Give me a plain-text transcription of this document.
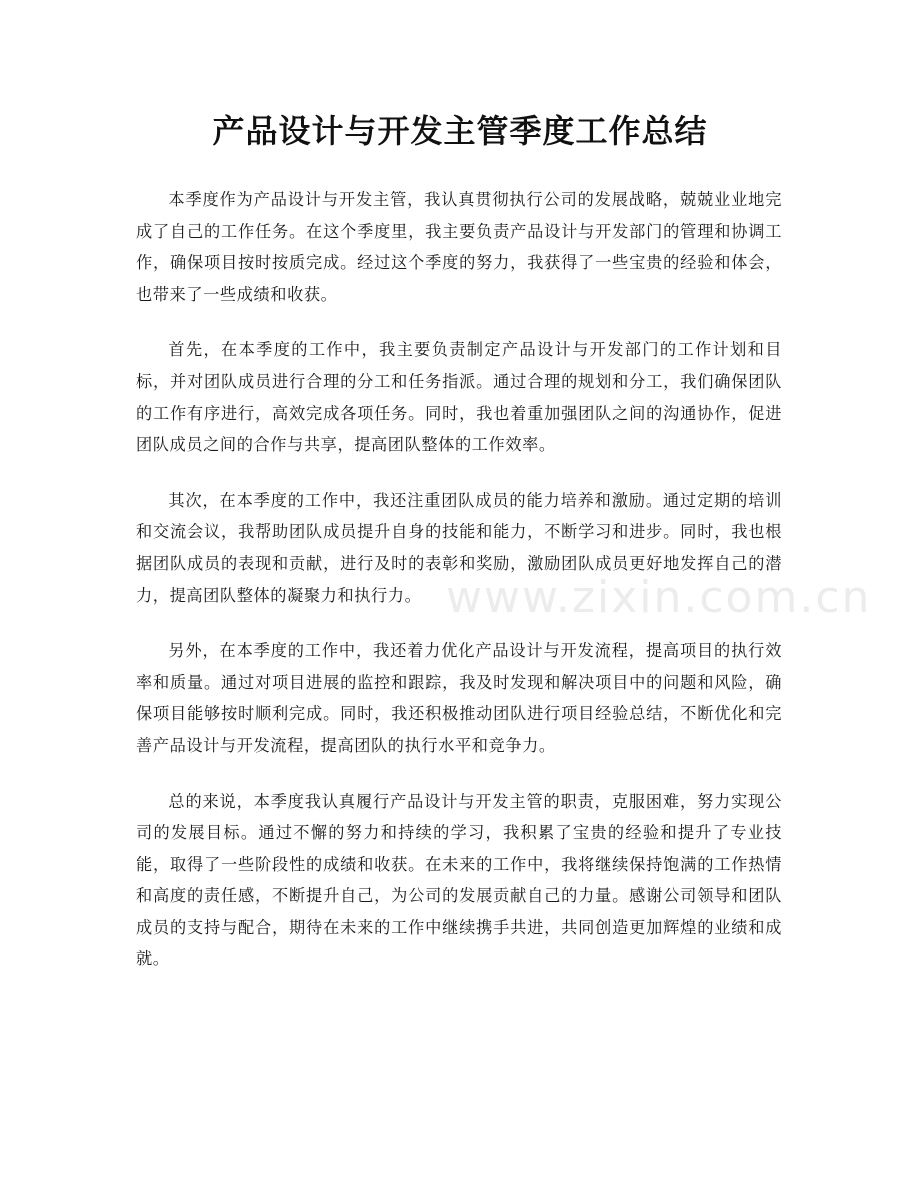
产品设计与开发主管季度工作总结

本季度作为产品设计与开发主管，我认真贯彻执行公司的发展战略，兢兢业业地完成了自己的工作任务。在这个季度里，我主要负责产品设计与开发部门的管理和协调工作，确保项目按时按质完成。经过这个季度的努力，我获得了一些宝贵的经验和体会，也带来了一些成绩和收获。

首先，在本季度的工作中，我主要负责制定产品设计与开发部门的工作计划和目标，并对团队成员进行合理的分工和任务指派。通过合理的规划和分工，我们确保团队的工作有序进行，高效完成各项任务。同时，我也着重加强团队之间的沟通协作，促进团队成员之间的合作与共享，提高团队整体的工作效率。

其次，在本季度的工作中，我还注重团队成员的能力培养和激励。通过定期的培训和交流会议，我帮助团队成员提升自身的技能和能力，不断学习和进步。同时，我也根据团队成员的表现和贡献，进行及时的表彰和奖励，激励团队成员更好地发挥自己的潜力，提高团队整体的凝聚力和执行力。

另外，在本季度的工作中，我还着力优化产品设计与开发流程，提高项目的执行效率和质量。通过对项目进展的监控和跟踪，我及时发现和解决项目中的问题和风险，确保项目能够按时顺利完成。同时，我还积极推动团队进行项目经验总结，不断优化和完善产品设计与开发流程，提高团队的执行水平和竞争力。

总的来说，本季度我认真履行产品设计与开发主管的职责，克服困难，努力实现公司的发展目标。通过不懈的努力和持续的学习，我积累了宝贵的经验和提升了专业技能，取得了一些阶段性的成绩和收获。在未来的工作中，我将继续保持饱满的工作热情和高度的责任感，不断提升自己，为公司的发展贡献自己的力量。感谢公司领导和团队成员的支持与配合，期待在未来的工作中继续携手共进，共同创造更加辉煌的业绩和成就。

www.zixin.com.cn
